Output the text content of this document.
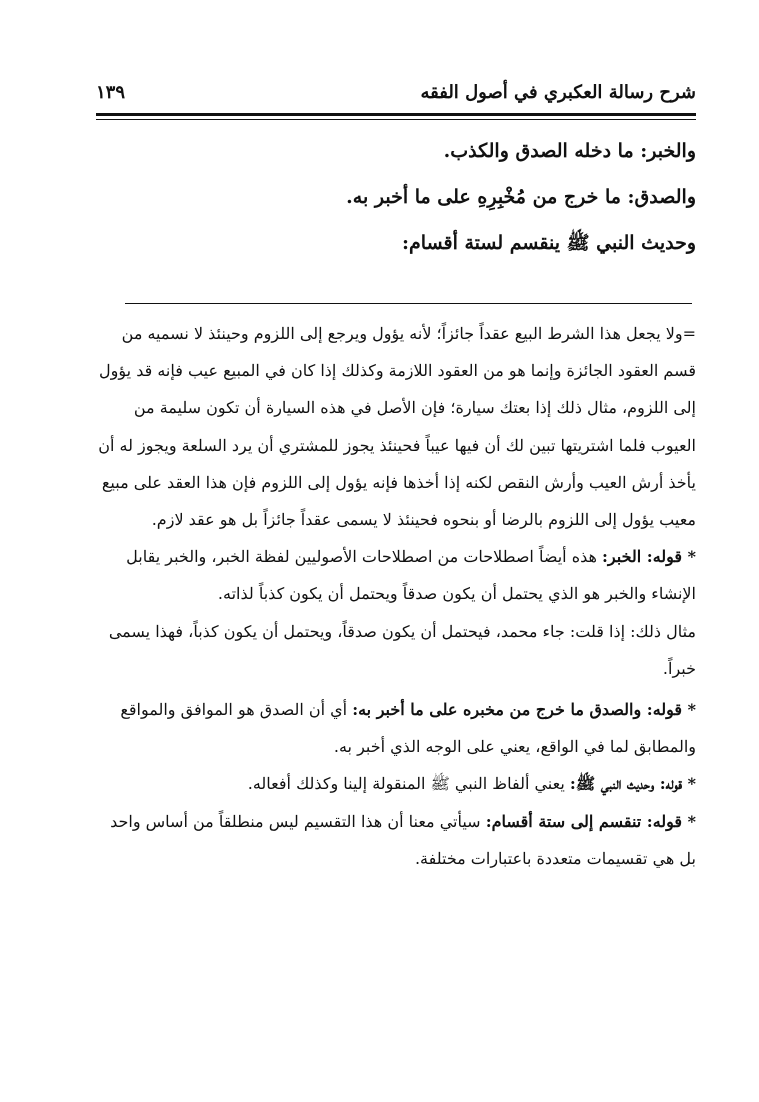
شرح رسالة العكبري في أصول الفقه
١٣٩

والخبر: ما دخله الصدق والكذب.

والصدق: ما خرج من مُخْبِرِهِ على ما أخبر به.

وحديث النبي ﷺ ينقسم لستة أقسام:

=ولا يجعل هذا الشرط البيع عقداً جائزاً؛ لأنه يؤول ويرجع إلى اللزوم وحينئذ لا نسميه من قسم العقود الجائزة وإنما هو من العقود اللازمة وكذلك إذا كان في المبيع عيب فإنه قد يؤول إلى اللزوم، مثال ذلك إذا بعتك سيارة؛ فإن الأصل في هذه السيارة أن تكون سليمة من العيوب فلما اشتريتها تبين لك أن فيها عيباً فحينئذ يجوز للمشتري أن يرد السلعة ويجوز له أن يأخذ أرش العيب وأرش النقص لكنه إذا أخذها فإنه يؤول إلى اللزوم فإن هذا العقد على مبيع معيب يؤول إلى اللزوم بالرضا أو بنحوه فحينئذ لا يسمى عقداً جائزاً بل هو عقد لازم.

* قوله: الخبر: هذه أيضاً اصطلاحات من اصطلاحات الأصوليين لفظة الخبر، والخبر يقابل الإنشاء والخبر هو الذي يحتمل أن يكون صدقاً ويحتمل أن يكون كذباً لذاته.

مثال ذلك: إذا قلت: جاء محمد، فيحتمل أن يكون صدقاً، ويحتمل أن يكون كذباً، فهذا يسمى خبراً.

* قوله: والصدق ما خرج من مخبره على ما أخبر به: أي أن الصدق هو الموافق والمواقع والمطابق لما في الواقع، يعني على الوجه الذي أخبر به.

* قوله: وحديث النبي ﷺ: يعني ألفاظ النبي ﷺ المنقولة إلينا وكذلك أفعاله.

* قوله: تنقسم إلى ستة أقسام: سيأتي معنا أن هذا التقسيم ليس منطلقاً من أساس واحد بل هي تقسيمات متعددة باعتبارات مختلفة.
